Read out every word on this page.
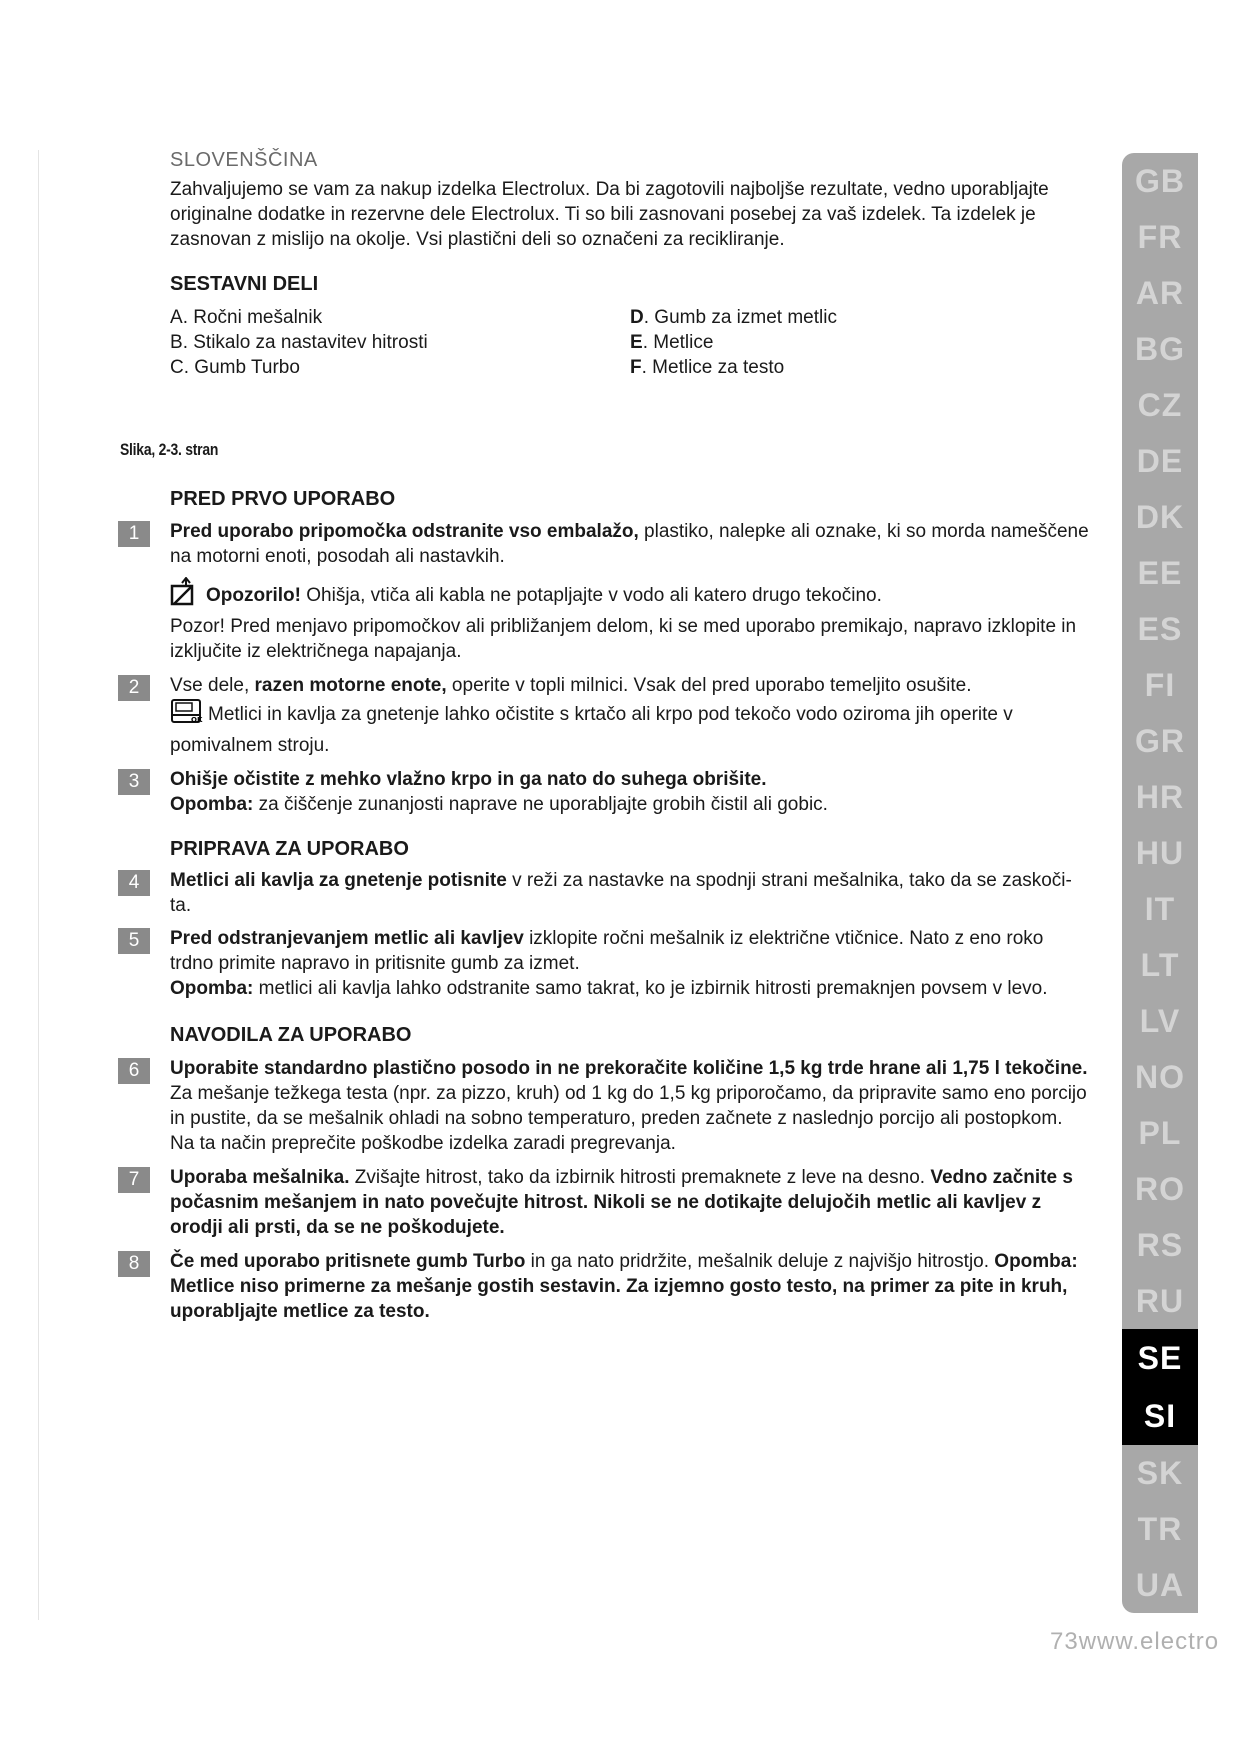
SLOVENŠČINA

Zahvaljujemo se vam za nakup izdelka Electrolux. Da bi zagotovili najboljše rezultate, vedno uporabljajte originalne dodatke in rezervne dele Electrolux. Ti so bili zasnovani posebej za vaš izdelek. Ta izdelek je zasnovan z mislijo na okolje. Vsi plastični deli so označeni za recikliranje.

SESTAVNI DELI

A. Ročni mešalnik
B. Stikalo za nastavitev hitrosti
C. Gumb Turbo
D. Gumb za izmet metlic
E. Metlice
F. Metlice za testo
Slika, 2-3. stran

PRED PRVO UPORABO

1	Pred uporabo pripomočka odstranite vso embalažo, plastiko, nalepke ali oznake, ki so morda nameščene na motorni enoti, posodah ali nastavkih.

Opozorilo! Ohišja, vtiča ali kabla ne potapljajte v vodo ali katero drugo tekočino.

Pozor! Pred menjavo pripomočkov ali približanjem delom, ki se med uporabo premikajo, napravo izklopite in izključite iz električnega napajanja.

2	Vse dele, razen motorne enote, operite v topli milnici. Vsak del pred uporabo temeljito osušite.

OK Metlici in kavlja za gnetenje lahko očistite s krtačo ali krpo pod tekočo vodo oziroma jih operite v pomivalnem stroju.

3	Ohišje očistite z mehko vlažno krpo in ga nato do suhega obrišite.

Opomba: za čiščenje zunanjosti naprave ne uporabljajte grobih čistil ali gobic.

PRIPRAVA ZA UPORABO

4	Metlici ali kavlja za gnetenje potisnite v reži za nastavke na spodnji strani mešalnika, tako da se zaskoči-ta.

5	Pred odstranjevanjem metlic ali kavljev izklopite ročni mešalnik iz električne vtičnice. Nato z eno roko trdno primite napravo in pritisnite gumb za izmet.

Opomba: metlici ali kavlja lahko odstranite samo takrat, ko je izbirnik hitrosti premaknjen povsem v levo.

NAVODILA ZA UPORABO

6	Uporabite standardno plastično posodo in ne prekoračite količine 1,5 kg trde hrane ali 1,75 l tekočine. Za mešanje težkega testa (npr. za pizzo, kruh) od 1 kg do 1,5 kg priporočamo, da pripravite samo eno porcijo in pustite, da se mešalnik ohladi na sobno temperaturo, preden začnete z naslednjo porcijo ali postopkom. Na ta način preprečite poškodbe izdelka zaradi pregrevanja.

7	Uporaba mešalnika. Zvišajte hitrost, tako da izbirnik hitrosti premaknete z leve na desno. Vedno začnite s počasnim mešanjem in nato povečujte hitrost. Nikoli se ne dotikajte delujočih metlic ali kavljev z orodji ali prsti, da se ne poškodujete.

8	Če med uporabo pritisnete gumb Turbo in ga nato pridržite, mešalnik deluje z najvišjo hitrostjo. Opomba: Metlice niso primerne za mešanje gostih sestavin. Za izjemno gosto testo, na primer za pite in kruh, uporabljajte metlice za testo.

GB
FR
AR
BG
CZ
DE
DK
EE
ES
FI
GR
HR
HU
IT
LT
LV
NO
PL
RO
RS
RU
SE
SI
SK
TR
UA
73www.electro
